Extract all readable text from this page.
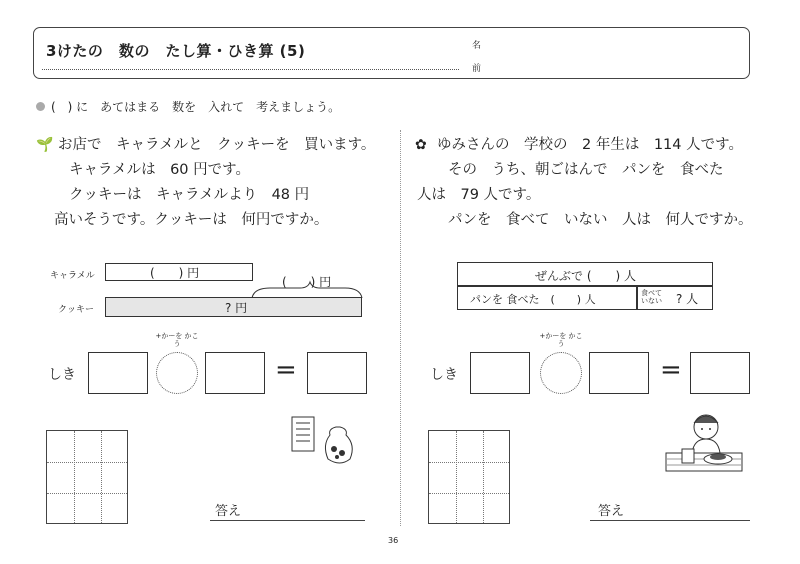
3けたの　数の　たし算・ひき算 (5)	名
前
(　) に　あてはまる　数を　入れて　考えましょう。
🌱 お店で　キャラメルと　クッキーを　買います。
キャラメルは　60 円です。
クッキーは　キャラメルより　48 円
高いそうです。クッキーは　何円ですか。
キャラメル	(　　) 円
(　　) 円
クッキー	? 円
しき
+かーを かこう
=
答え
✿ ゆみさんの　学校の　2 年生は　114 人です。
その　うち、朝ごはんで　パンを　食べた
人は　79 人です。
パンを　食べて　いない　人は　何人ですか。
ぜんぶで (　　) 人
パンを 食べた　(　　) 人	食べて いない	? 人
しき
+かーを かこう
=
答え
36
